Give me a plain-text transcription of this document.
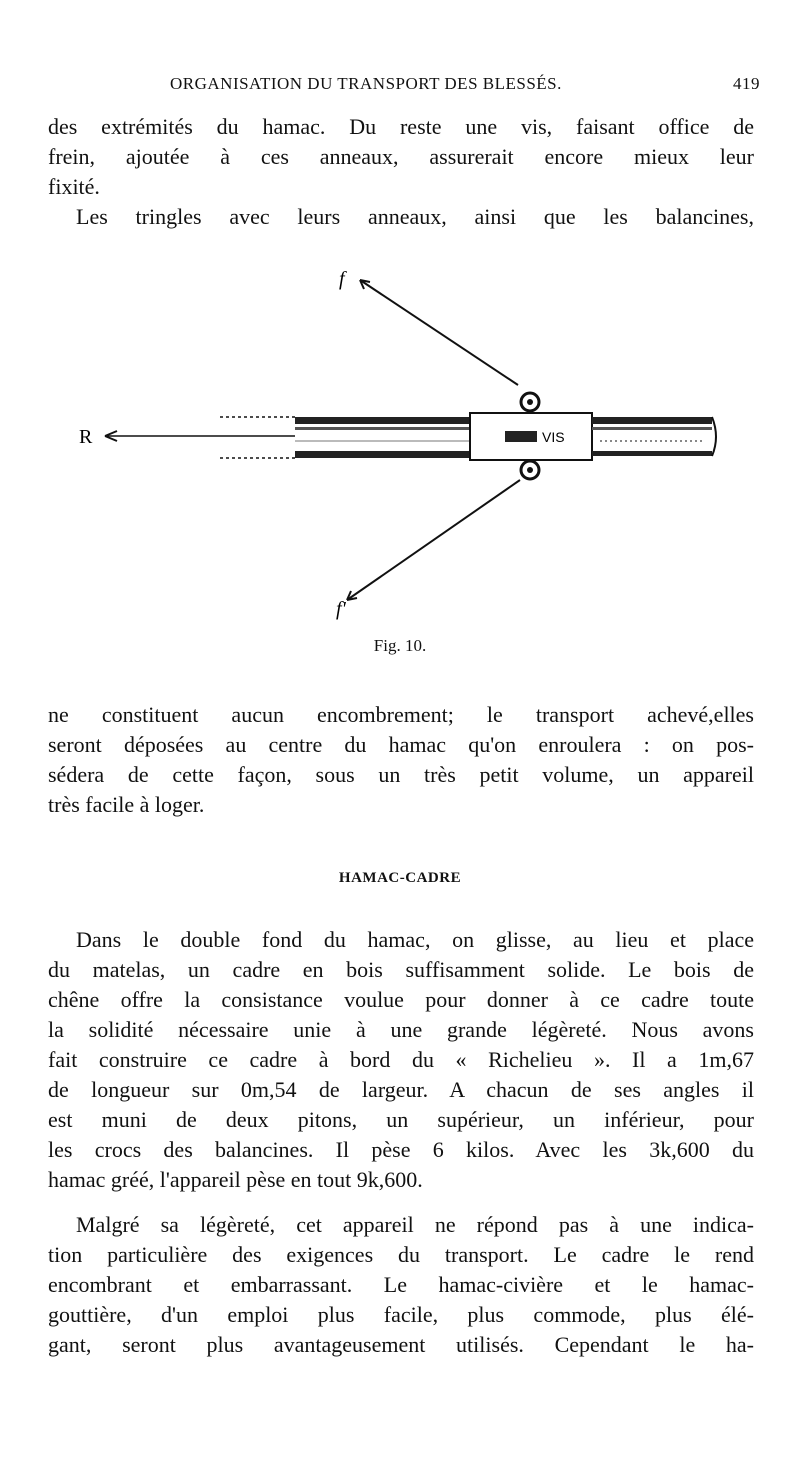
ORGANISATION DU TRANSPORT DES BLESSÉS.	419
des extrémités du hamac. Du reste une vis, faisant office de
frein, ajoutée à ces anneaux, assurerait encore mieux leur
fixité.
Les tringles avec leurs anneaux, ainsi que les balancines,
f
f'
R	VIS
Fig. 10.
ne constituent aucun encombrement; le transport achevé,elles
seront déposées au centre du hamac qu'on enroulera : on pos-
sédera de cette façon, sous un très petit volume, un appareil
très facile à loger.
HAMAC-CADRE
Dans le double fond du hamac, on glisse, au lieu et place
du matelas, un cadre en bois suffisamment solide. Le bois de
chêne offre la consistance voulue pour donner à ce cadre toute
la solidité nécessaire unie à une grande légèreté. Nous avons
fait construire ce cadre à bord du « Richelieu ». Il a 1m,67
de longueur sur 0m,54 de largeur. A chacun de ses angles il
est muni de deux pitons, un supérieur, un inférieur, pour
les crocs des balancines. Il pèse 6 kilos. Avec les 3k,600 du
hamac gréé, l'appareil pèse en tout 9k,600.
Malgré sa légèreté, cet appareil ne répond pas à une indica-
tion particulière des exigences du transport. Le cadre le rend
encombrant et embarrassant. Le hamac-civière et le hamac-
gouttière, d'un emploi plus facile, plus commode, plus élé-
gant, seront plus avantageusement utilisés. Cependant le ha-
